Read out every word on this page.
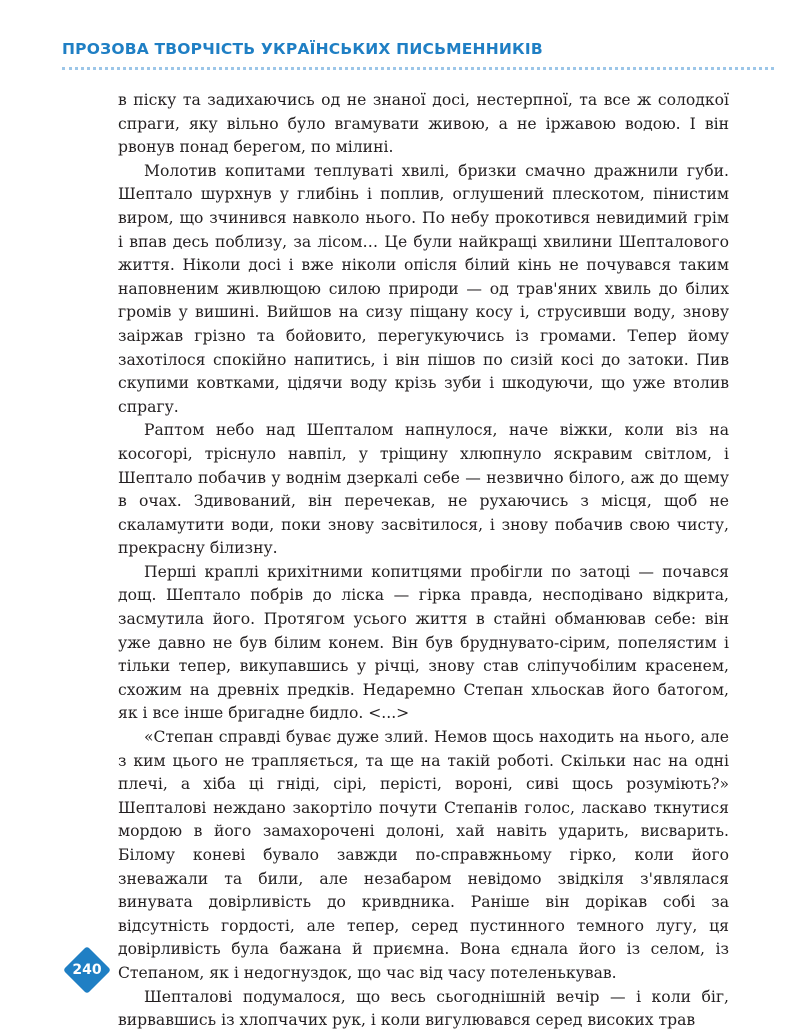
ПРОЗОВА ТВОРЧІСТЬ УКРАЇНСЬКИХ ПИСЬМЕННИКІВ

в піску та задихаючись од не знаної досі, нестерпної, та все ж солодкої спраги, яку вільно було вгамувати живою, а не іржавою водою. І він рвонув понад берегом, по мілині.

Молотив копитами теплуваті хвилі, бризки смачно дражнили губи. Шептало шурхнув у глибінь і поплив, оглушений плескотом, пінистим виром, що зчинився навколо нього. По небу прокотився невидимий грім і впав десь поблизу, за лісом… Це були найкращі хвилини Шепталового життя. Ніколи досі і вже ніколи опісля білий кінь не почувався таким наповненим живлющою силою природи — од трав'яних хвиль до білих громів у вишині. Вийшов на сизу піщану косу і, струсивши воду, знову заіржав грізно та бойовито, перегукуючись із громами. Тепер йому захотілося спокійно напитись, і він пішов по сизій косі до затоки. Пив скупими ковтками, цідячи воду крізь зуби і шкодуючи, що уже втолив спрагу.

Раптом небо над Шепталом напнулося, наче віжки, коли віз на косогорі, тріснуло навпіл, у тріщину хлюпнуло яскравим світлом, і Шептало побачив у воднім дзеркалі себе — незвично білого, аж до щему в очах. Здивований, він перечекав, не рухаючись з місця, щоб не скаламутити води, поки знову засвітилося, і знову побачив свою чисту, прекрасну білизну.

Перші краплі крихітними копитцями пробігли по затоці — почався дощ. Шептало побрів до ліска — гірка правда, несподівано відкрита, засмутила його. Протягом усього життя в стайні обманював себе: він уже давно не був білим конем. Він був бруднувато-сірим, попелястим і тільки тепер, викупавшись у річці, знову став сліпучобілим красенем, схожим на древніх предків. Недаремно Степан хльоскав його батогом, як і все інше бригадне бидло. <...>

«Степан справді буває дуже злий. Немов щось находить на нього, але з ким цього не трапляється, та ще на такій роботі. Скільки нас на одні плечі, а хіба ці гніді, сірі, перісті, вороні, сиві щось розуміють?» Шепталові неждано закортіло почути Степанів голос, ласкаво ткнутися мордою в його замахорочені долоні, хай навіть ударить, висварить. Білому коневі бувало завжди по-справжньому гірко, коли його зневажали та били, але незабаром невідомо звідкіля з'являлася винувата довірливість до кривдника. Раніше він дорікав собі за відсутність гордості, але тепер, серед пустинного темного лугу, ця довірливість була бажана й приємна. Вона єднала його із селом, із Степаном, як і недогнуздок, що час від часу потеленькував.

Шепталові подумалося, що весь сьогоднішній вечір — і коли біг, вирвавшись із хлопчачих рук, і коли вигулювався серед високих трав

240
